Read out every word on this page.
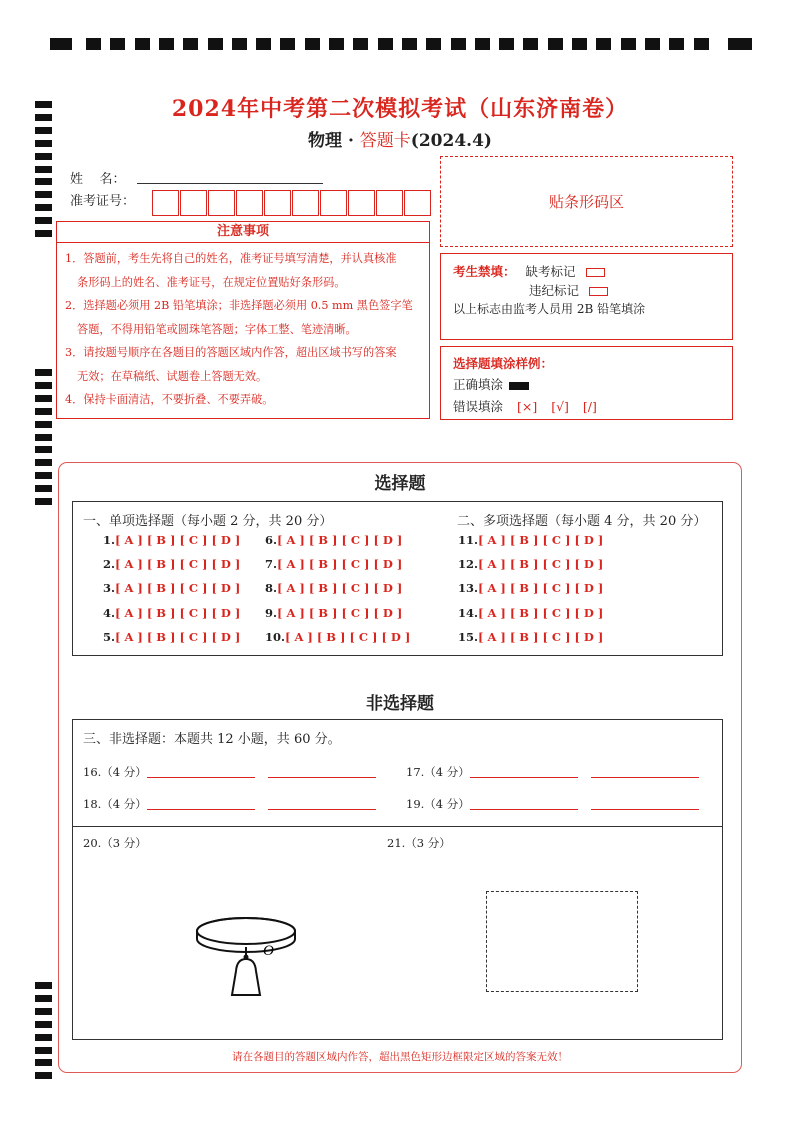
2024年中考第二次模拟考试（山东济南卷）
物理 · 答题卡(2024.4)
姓    名：
准考证号：	贴条形码区
注意事项
1．答题前，考生先将自己的姓名，准考证号填写清楚，并认真核准
条形码上的姓名、准考证号，在规定位置贴好条形码。
2．选择题必须用 2B 铅笔填涂；非选择题必须用 0.5 mm 黑色签字笔
答题，不得用铅笔或圆珠笔答题；字体工整、笔迹清晰。
3．请按题号顺序在各题目的答题区域内作答，超出区域书写的答案
无效；在草稿纸、试题卷上答题无效。
4．保持卡面清洁，不要折叠、不要弄破。
考生禁填： 缺考标记
违纪标记
以上标志由监考人员用 2B 铅笔填涂
选择题填涂样例：
正确填涂
错误填涂 [×] [√] [/]
选择题
一、单项选择题（每小题 2 分，共 20 分）	二、多项选择题（每小题 4 分，共 20 分）
1.[ A ] [ B ] [ C ] [ D ]
2.[ A ] [ B ] [ C ] [ D ]
3.[ A ] [ B ] [ C ] [ D ]
4.[ A ] [ B ] [ C ] [ D ]
5.[ A ] [ B ] [ C ] [ D ]
6.[ A ] [ B ] [ C ] [ D ]
7.[ A ] [ B ] [ C ] [ D ]
8.[ A ] [ B ] [ C ] [ D ]
9.[ A ] [ B ] [ C ] [ D ]
10.[ A ] [ B ] [ C ] [ D ]
11.[ A ] [ B ] [ C ] [ D ]
12.[ A ] [ B ] [ C ] [ D ]
13.[ A ] [ B ] [ C ] [ D ]
14.[ A ] [ B ] [ C ] [ D ]
15.[ A ] [ B ] [ C ] [ D ]
非选择题
三、非选择题：本题共 12 小题，共 60 分。
16.（4 分）	17.（4 分）
18.（4 分）	19.（4 分）
20.（3 分）	21.（3 分）
O
请在各题目的答题区域内作答，超出黑色矩形边框限定区域的答案无效！
